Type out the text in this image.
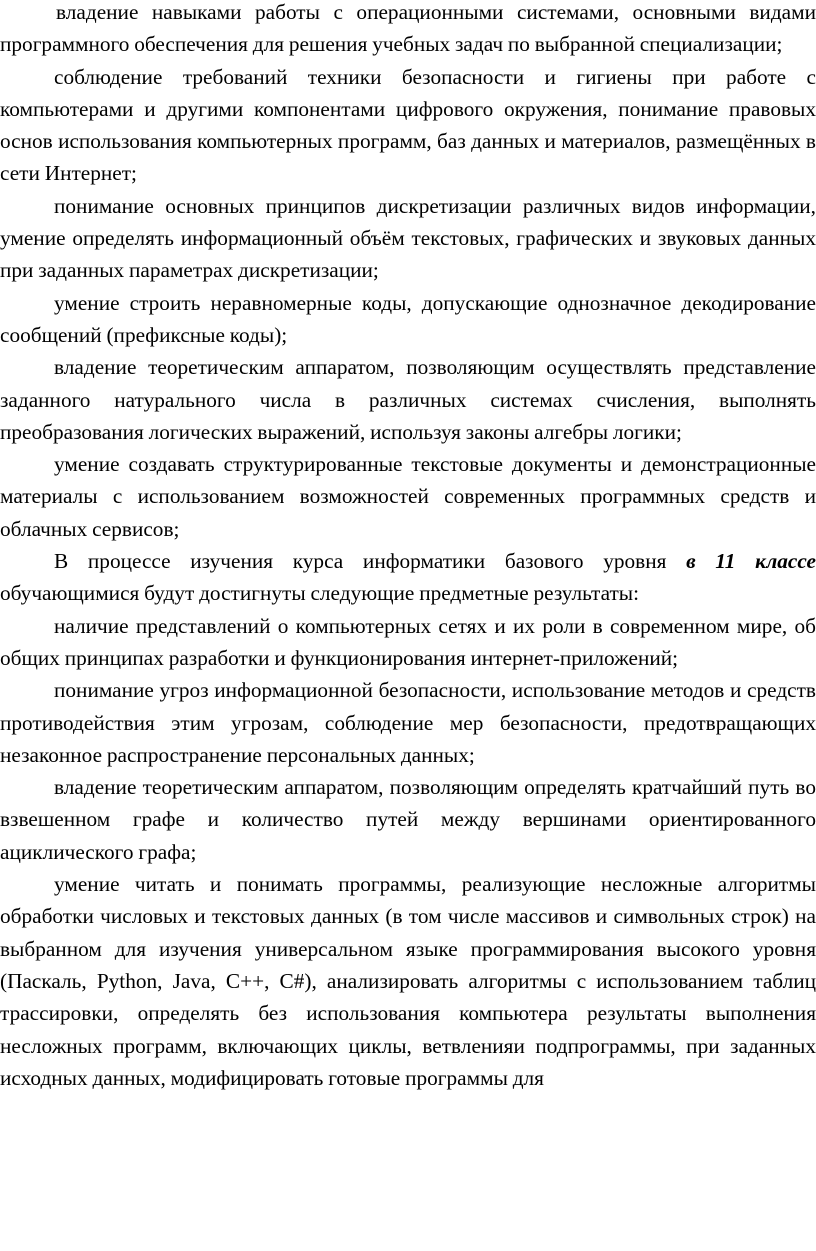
владение навыками работы с операционными системами, основными видами программного обеспечения для решения учебных задач по выбранной специализации;

соблюдение требований техники безопасности и гигиены при работе с компьютерами и другими компонентами цифрового окружения, понимание правовых основ использования компьютерных программ, баз данных и материалов, размещённых в сети Интернет;

понимание основных принципов дискретизации различных видов информации, умение определять информационный объём текстовых, графических и звуковых данных при заданных параметрах дискретизации;

умение строить неравномерные коды, допускающие однозначное декодирование сообщений (префиксные коды);

владение теоретическим аппаратом, позволяющим осуществлять представление заданного натурального числа в различных системах счисления, выполнять преобразования логических выражений, используя законы алгебры логики;

умение создавать структурированные текстовые документы и демонстрационные материалы с использованием возможностей современных программных средств и облачных сервисов;

В процессе изучения курса информатики базового уровня в 11 классе обучающимися будут достигнуты следующие предметные результаты:

наличие представлений о компьютерных сетях и их роли в современном мире, об общих принципах разработки и функционирования интернет-приложений;

понимание угроз информационной безопасности, использование методов и средств противодействия этим угрозам, соблюдение мер безопасности, предотвращающих незаконное распространение персональных данных;

владение теоретическим аппаратом, позволяющим определять кратчайший путь во взвешенном графе и количество путей между вершинами ориентированного ациклического графа;

умение читать и понимать программы, реализующие несложные алгоритмы обработки числовых и текстовых данных (в том числе массивов и символьных строк) на выбранном для изучения универсальном языке программирования высокого уровня (Паскаль, Python, Java, C++, C#), анализировать алгоритмы с использованием таблиц трассировки, определять без использования компьютера результаты выполнения несложных программ, включающих циклы, ветвленияи подпрограммы, при заданных исходных данных, модифицировать готовые программы для
